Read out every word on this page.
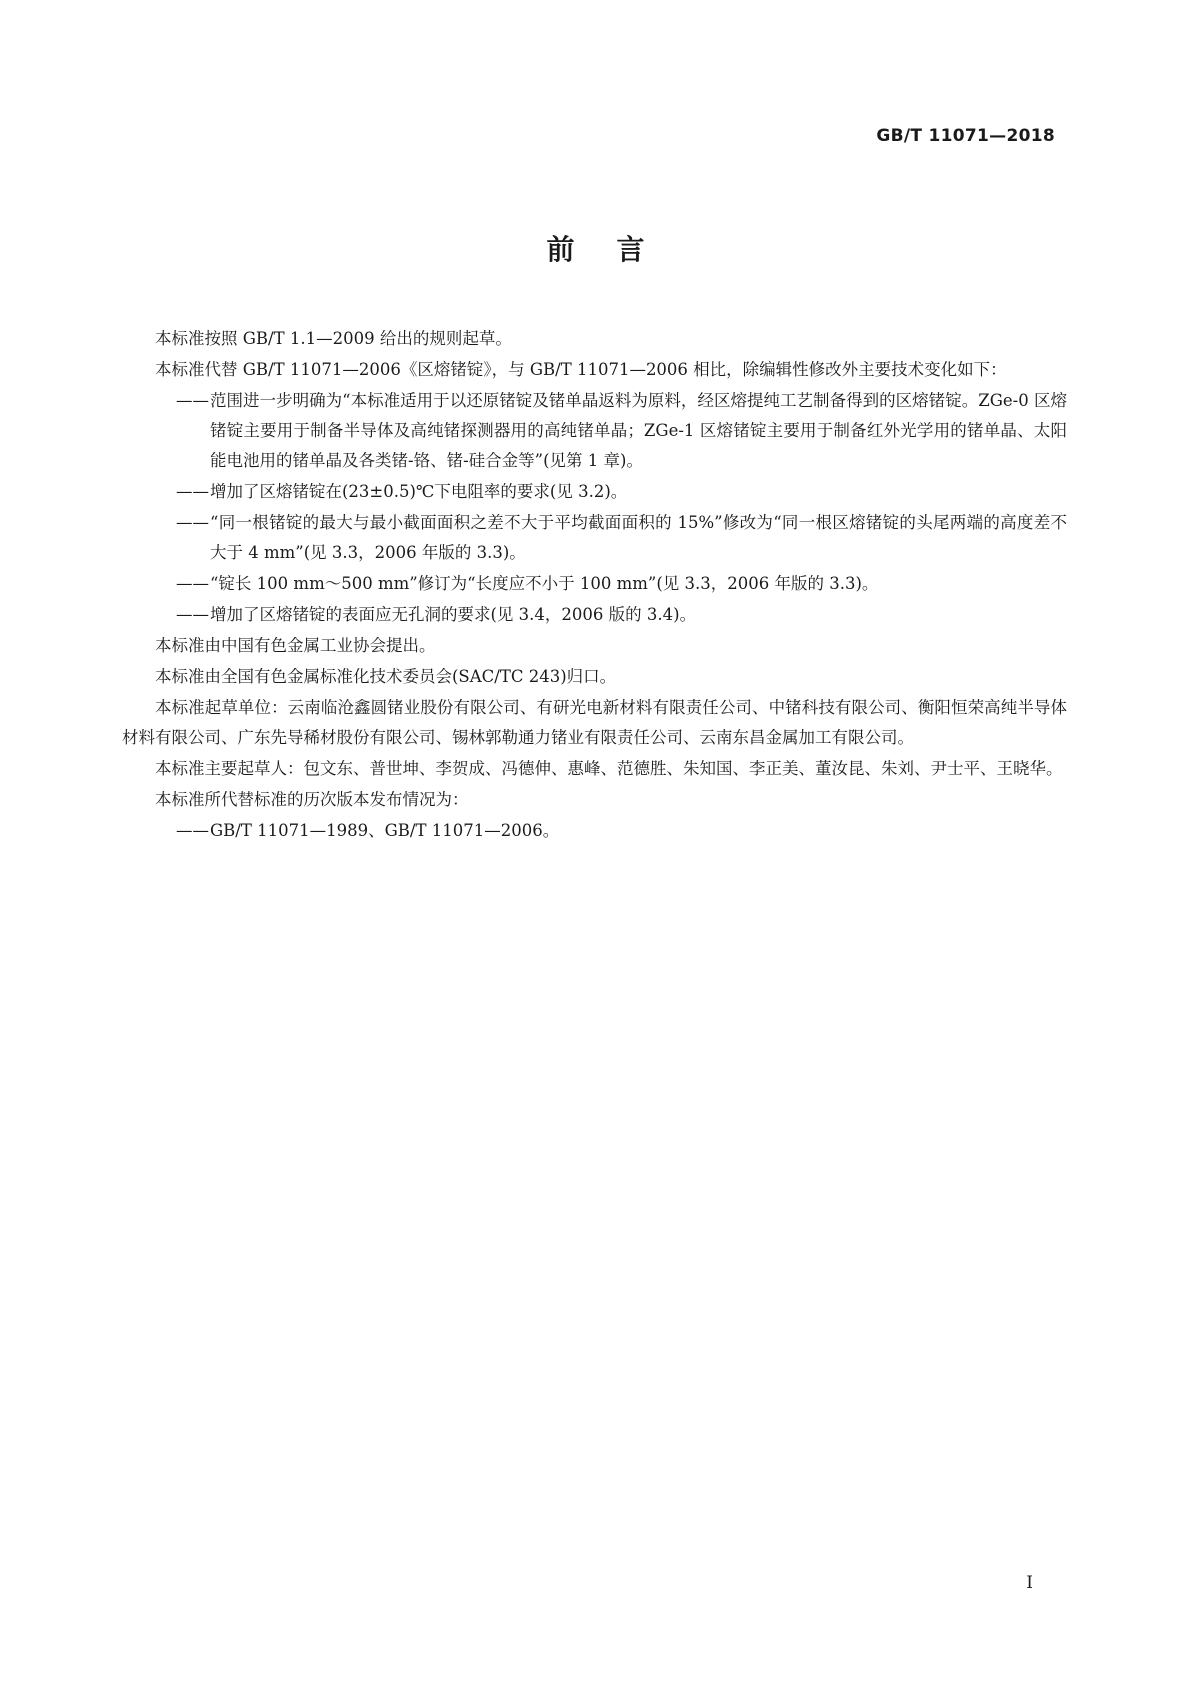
GB/T 11071—2018
前言

本标准按照 GB/T 1.1—2009 给出的规则起草。

本标准代替 GB/T 11071—2006《区熔锗锭》，与 GB/T 11071—2006 相比，除编辑性修改外主要技术变化如下：

—— 范围进一步明确为“本标准适用于以还原锗锭及锗单晶返料为原料，经区熔提纯工艺制备得到的区熔锗锭。ZGe-0 区熔锗锭主要用于制备半导体及高纯锗探测器用的高纯锗单晶；ZGe-1 区熔锗锭主要用于制备红外光学用的锗单晶、太阳能电池用的锗单晶及各类锗-铬、锗-硅合金等”(见第 1 章)。
—— 增加了区熔锗锭在(23±0.5)℃下电阻率的要求(见 3.2)。
—— “同一根锗锭的最大与最小截面面积之差不大于平均截面面积的 15%”修改为“同一根区熔锗锭的头尾两端的高度差不大于 4 mm”(见 3.3，2006 年版的 3.3)。
—— “锭长 100 mm～500 mm”修订为“长度应不小于 100 mm”(见 3.3，2006 年版的 3.3)。
—— 增加了区熔锗锭的表面应无孔洞的要求(见 3.4，2006 版的 3.4)。

本标准由中国有色金属工业协会提出。

本标准由全国有色金属标准化技术委员会(SAC/TC 243)归口。

本标准起草单位：云南临沧鑫圆锗业股份有限公司、有研光电新材料有限责任公司、中锗科技有限公司、衡阳恒荣高纯半导体材料有限公司、广东先导稀材股份有限公司、锡林郭勒通力锗业有限责任公司、云南东昌金属加工有限公司。

本标准主要起草人：包文东、普世坤、李贺成、冯德伸、惠峰、范德胜、朱知国、李正美、董汝昆、朱刘、尹士平、王晓华。

本标准所代替标准的历次版本发布情况为：

—— GB/T 11071—1989、GB/T 11071—2006。
I
